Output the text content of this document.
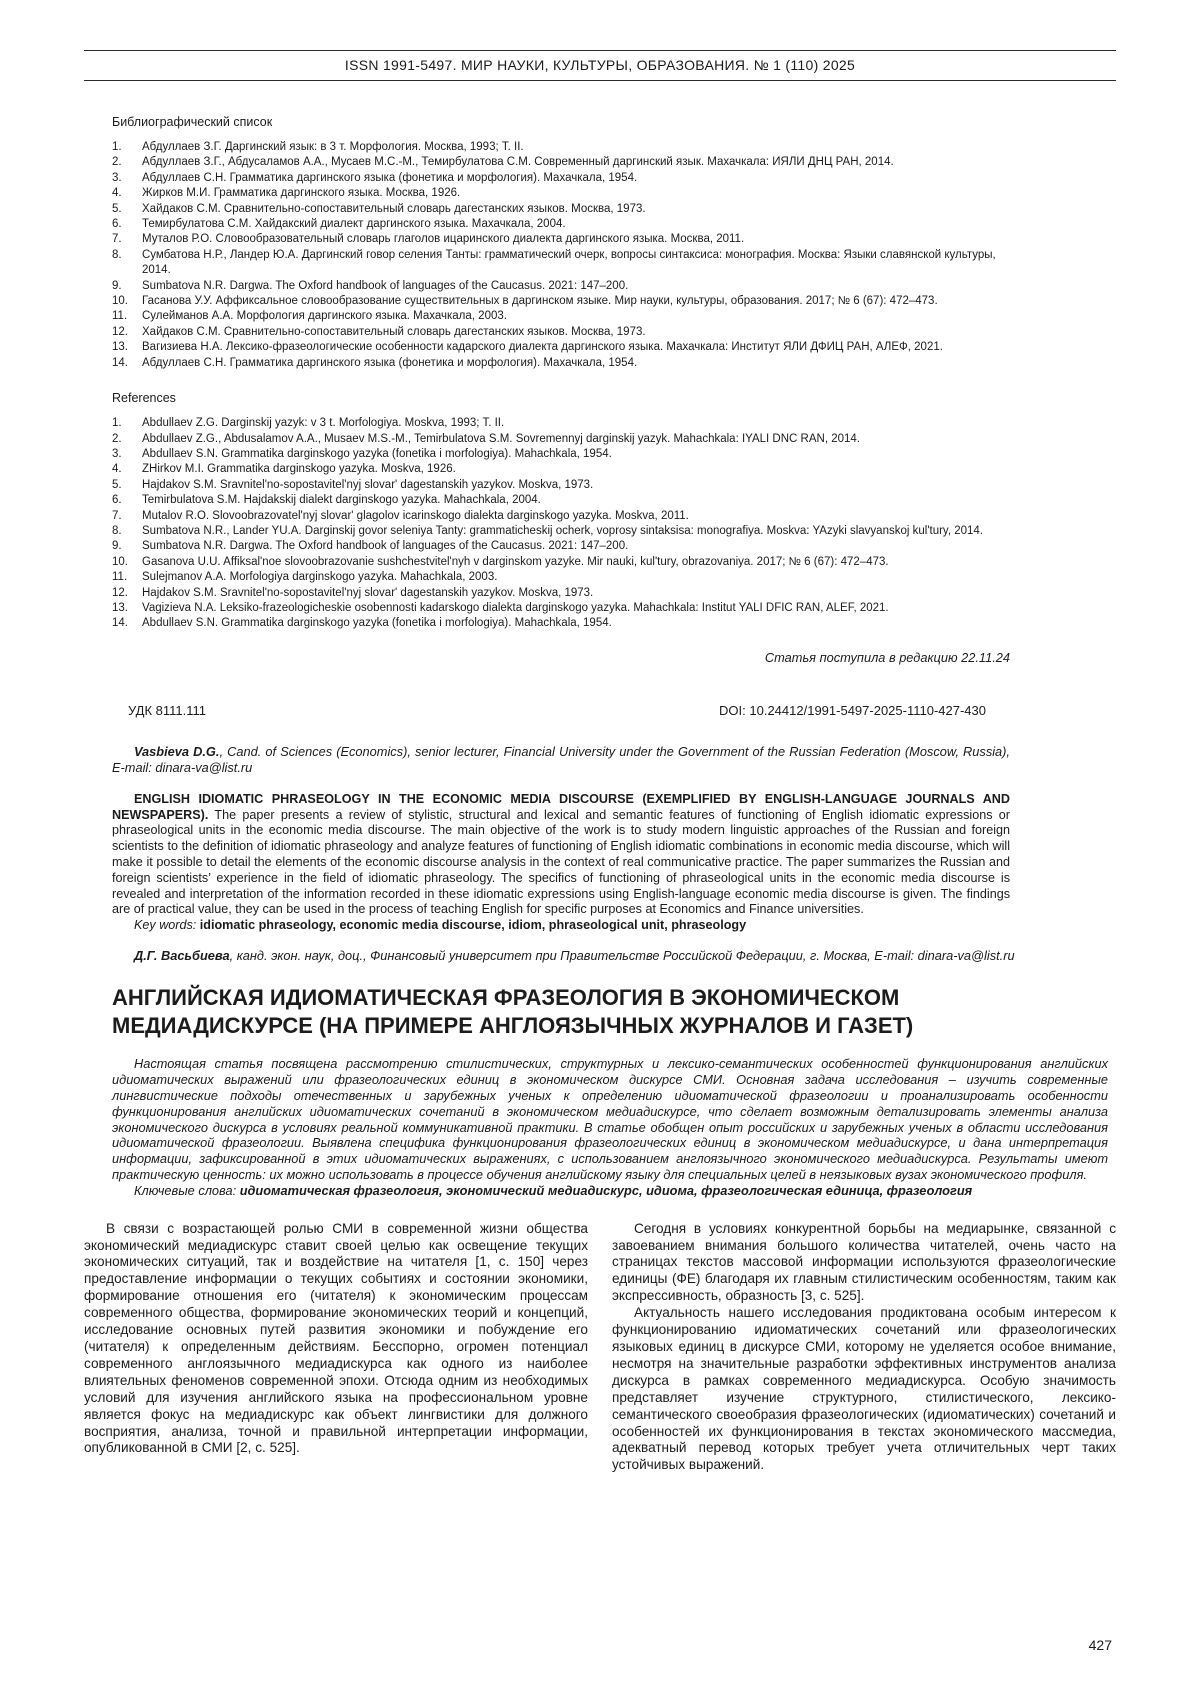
ISSN 1991-5497. МИР НАУКИ, КУЛЬТУРЫ, ОБРАЗОВАНИЯ. № 1 (110) 2025
Библиографический список
Абдуллаев З.Г. Даргинский язык: в 3 т. Морфология. Москва, 1993; Т. II.
Абдуллаев З.Г., Абдусаламов А.А., Мусаев М.С.-М., Темирбулатова С.М. Современный даргинский язык. Махачкала: ИЯЛИ ДНЦ РАН, 2014.
Абдуллаев С.Н. Грамматика даргинского языка (фонетика и морфология). Махачкала, 1954.
Жирков М.И. Грамматика даргинского языка. Москва, 1926.
Хайдаков С.М. Сравнительно-сопоставительный словарь дагестанских языков. Москва, 1973.
Темирбулатова С.М. Хайдакский диалект даргинского языка. Махачкала, 2004.
Муталов Р.О. Словообразовательный словарь глаголов ицаринского диалекта даргинского языка. Москва, 2011.
Сумбатова Н.Р., Ландер Ю.А. Даргинский говор селения Танты: грамматический очерк, вопросы синтаксиса: монография. Москва: Языки славянской культуры, 2014.
Sumbatova N.R. Dargwa. The Oxford handbook of languages of the Caucasus. 2021: 147–200.
Гасанова У.У. Аффиксальное словообразование существительных в даргинском языке. Мир науки, культуры, образования. 2017; № 6 (67): 472–473.
Сулейманов А.А. Морфология даргинского языка. Махачкала, 2003.
Хайдаков С.М. Сравнительно-сопоставительный словарь дагестанских языков. Москва, 1973.
Вагизиева Н.А. Лексико-фразеологические особенности кадарского диалекта даргинского языка. Махачкала: Институт ЯЛИ ДФИЦ РАН, АЛЕФ, 2021.
Абдуллаев С.Н. Грамматика даргинского языка (фонетика и морфология). Махачкала, 1954.
References
Abdullaev Z.G. Darginskij yazyk: v 3 t. Morfologiya. Moskva, 1993; T. II.
Abdullaev Z.G., Abdusalamov A.A., Musaev M.S.-M., Temirbulatova S.M. Sovremennyj darginskij yazyk. Mahachkala: IYALI DNC RAN, 2014.
Abdullaev S.N. Grammatika darginskogo yazyka (fonetika i morfologiya). Mahachkala, 1954.
ZHirkov M.I. Grammatika darginskogo yazyka. Moskva, 1926.
Hajdakov S.M. Sravnitel'no-sopostavitel'nyj slovar' dagestanskih yazykov. Moskva, 1973.
Temirbulatova S.M. Hajdakskij dialekt darginskogo yazyka. Mahachkala, 2004.
Mutalov R.O. Slovoobrazovatel'nyj slovar' glagolov icarinskogo dialekta darginskogo yazyka. Moskva, 2011.
Sumbatova N.R., Lander YU.A. Darginskij govor seleniya Tanty: grammaticheskij ocherk, voprosy sintaksisa: monografiya. Moskva: YAzyki slavyanskoj kul'tury, 2014.
Sumbatova N.R. Dargwa. The Oxford handbook of languages of the Caucasus. 2021: 147–200.
Gasanova U.U. Affiksal'noe slovoobrazovanie sushchestvitel'nyh v darginskom yazyke. Mir nauki, kul'tury, obrazovaniya. 2017; № 6 (67): 472–473.
Sulejmanov A.A. Morfologiya darginskogo yazyka. Mahachkala, 2003.
Hajdakov S.M. Sravnitel'no-sopostavitel'nyj slovar' dagestanskih yazykov. Moskva, 1973.
Vagizieva N.A. Leksiko-frazeologicheskie osobennosti kadarskogo dialekta darginskogo yazyka. Mahachkala: Institut YALI DFIC RAN, ALEF, 2021.
Abdullaev S.N. Grammatika darginskogo yazyka (fonetika i morfologiya). Mahachkala, 1954.
Статья поступила в редакцию 22.11.24
УДК 8111.111	DOI: 10.24412/1991-5497-2025-1110-427-430

Vasbieva D.G., Cand. of Sciences (Economics), senior lecturer, Financial University under the Government of the Russian Federation (Moscow, Russia), E-mail: dinara-va@list.ru

ENGLISH IDIOMATIC PHRASEOLOGY IN THE ECONOMIC MEDIA DISCOURSE (EXEMPLIFIED BY ENGLISH-LANGUAGE JOURNALS AND NEWSPAPERS). The paper presents a review of stylistic, structural and lexical and semantic features of functioning of English idiomatic expressions or phraseological units in the economic media discourse. The main objective of the work is to study modern linguistic approaches of the Russian and foreign scientists to the definition of idiomatic phraseology and analyze features of functioning of English idiomatic combinations in economic media discourse, which will make it possible to detail the elements of the economic discourse analysis in the context of real communicative practice. The paper summarizes the Russian and foreign scientists’ experience in the field of idiomatic phraseology. The specifics of functioning of phraseological units in the economic media discourse is revealed and interpretation of the information recorded in these idiomatic expressions using English-language economic media discourse is given. The findings are of practical value, they can be used in the process of teaching English for specific purposes at Economics and Finance universities.

Key words: idiomatic phraseology, economic media discourse, idiom, phraseological unit, phraseology

Д.Г. Васьбиева, канд. экон. наук, доц., Финансовый университет при Правительстве Российской Федерации, г. Москва, E-mail: dinara-va@list.ru

АНГЛИЙСКАЯ ИДИОМАТИЧЕСКАЯ ФРАЗЕОЛОГИЯ В ЭКОНОМИЧЕСКОМ
МЕДИАДИСКУРСЕ (НА ПРИМЕРЕ АНГЛОЯЗЫЧНЫХ ЖУРНАЛОВ И ГАЗЕТ)

Настоящая статья посвящена рассмотрению стилистических, структурных и лексико-семантических особенностей функционирования английских идиоматических выражений или фразеологических единиц в экономическом дискурсе СМИ. Основная задача исследования – изучить современные лингвистические подходы отечественных и зарубежных ученых к определению идиоматической фразеологии и проанализировать особенности функционирования английских идиоматических сочетаний в экономическом медиадискурсе, что сделает возможным детализировать элементы анализа экономического дискурса в условиях реальной коммуникативной практики. В статье обобщен опыт российских и зарубежных ученых в области исследования идиоматической фразеологии. Выявлена специфика функционирования фразеологических единиц в экономическом медиадискурсе, и дана интерпретация информации, зафиксированной в этих идиоматических выражениях, с использованием англоязычного экономического медиадискурса. Результаты имеют практическую ценность: их можно использовать в процессе обучения английскому языку для специальных целей в неязыковых вузах экономического профиля.

Ключевые слова: идиоматическая фразеология, экономический медиадискурс, идиома, фразеологическая единица, фразеология

В связи с возрастающей ролью СМИ в современной жизни общества экономический медиадискурс ставит своей целью как освещение текущих экономических ситуаций, так и воздействие на читателя [1, с. 150] через предоставление информации о текущих событиях и состоянии экономики, формирование отношения его (читателя) к экономическим процессам современного общества, формирование экономических теорий и концепций, исследование основных путей развития экономики и побуждение его (читателя) к определенным действиям. Бесспорно, огромен потенциал современного англоязычного медиадискурса как одного из наиболее влиятельных феноменов современной эпохи. Отсюда одним из необходимых условий для изучения английского языка на профессиональном уровне является фокус на медиадискурс как объект лингвистики для должного восприятия, анализа, точной и правильной интерпретации информации, опубликованной в СМИ [2, с. 525].

Сегодня в условиях конкурентной борьбы на медиарынке, связанной с завоеванием внимания большого количества читателей, очень часто на страницах текстов массовой информации используются фразеологические единицы (ФЕ) благодаря их главным стилистическим особенностям, таким как экспрессивность, образность [3, с. 525].

Актуальность нашего исследования продиктована особым интересом к функционированию идиоматических сочетаний или фразеологических языковых единиц в дискурсе СМИ, которому не уделяется особое внимание, несмотря на значительные разработки эффективных инструментов анализа дискурса в рамках современного медиадискурса. Особую значимость представляет изучение структурного, стилистического, лексико-семантического своеобразия фразеологических (идиоматических) сочетаний и особенностей их функционирования в текстах экономического массмедиа, адекватный перевод которых требует учета отличительных черт таких устойчивых выражений.

427
